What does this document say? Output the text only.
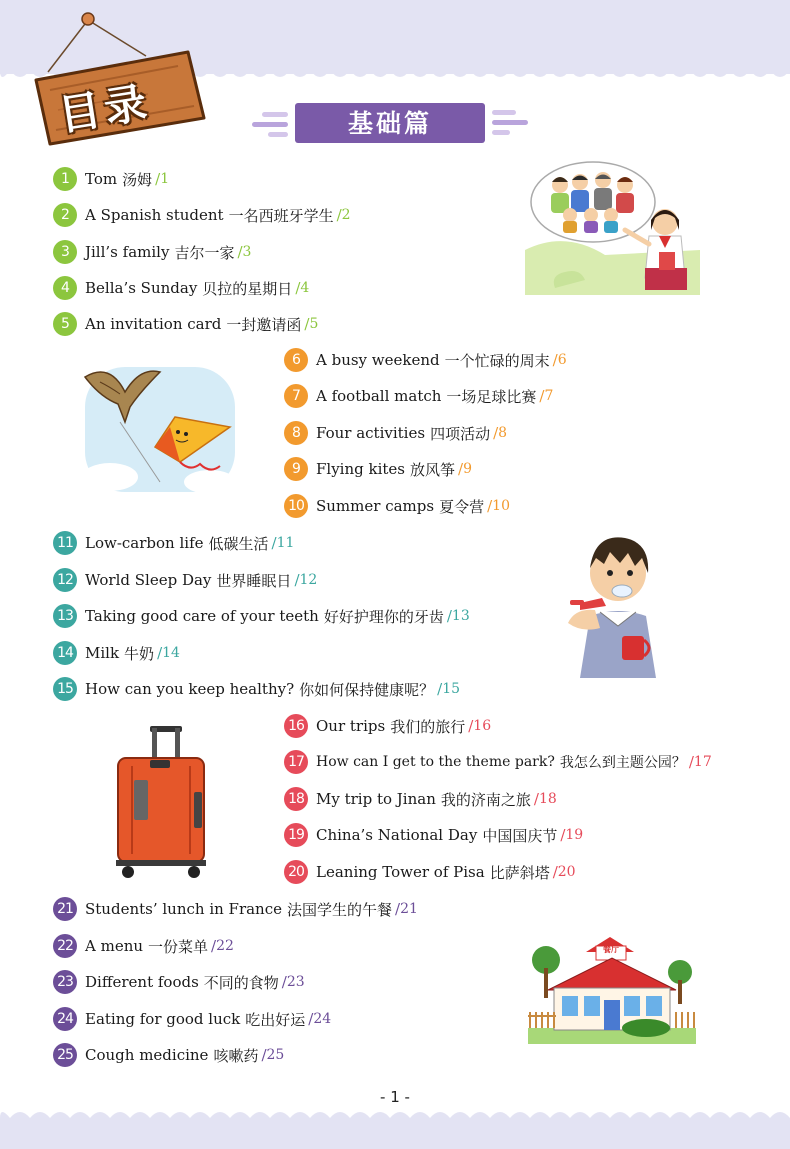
目录	基础篇
1	Tom 汤姆 / 1
2	A Spanish student 一名西班牙学生 / 2
3	Jill’s family 吉尔一家 / 3
4	Bella’s Sunday 贝拉的星期日 / 4
5	An invitation card 一封邀请函 / 5
6	A busy weekend 一个忙碌的周末 / 6
7	A football match 一场足球比赛 / 7
8	Four activities 四项活动 / 8
9	Flying kites 放风筝 / 9
10 Summer camps 夏令营 / 10
11 Low-carbon life 低碳生活 / 11
12 World Sleep Day 世界睡眠日 / 12
13 Taking good care of your teeth 好好护理你的牙齿 / 13
14 Milk 牛奶 / 14
15 How can you keep healthy? 你如何保持健康呢？ / 15
16 Our trips 我们的旅行 / 16
17 How can I get to the theme park? 我怎么到主题公园？ / 17
18 My trip to Jinan 我的济南之旅 / 18
19 China’s National Day 中国国庆节 / 19
20 Leaning Tower of Pisa 比萨斜塔 / 20
21 Students’ lunch in France 法国学生的午餐 / 21
22 A menu 一份菜单 / 22
23 Different foods 不同的食物 / 23
24 Eating for good luck 吃出好运 / 24
25 Cough medicine 咳嗽药 / 25
餐厅
- 1 -
